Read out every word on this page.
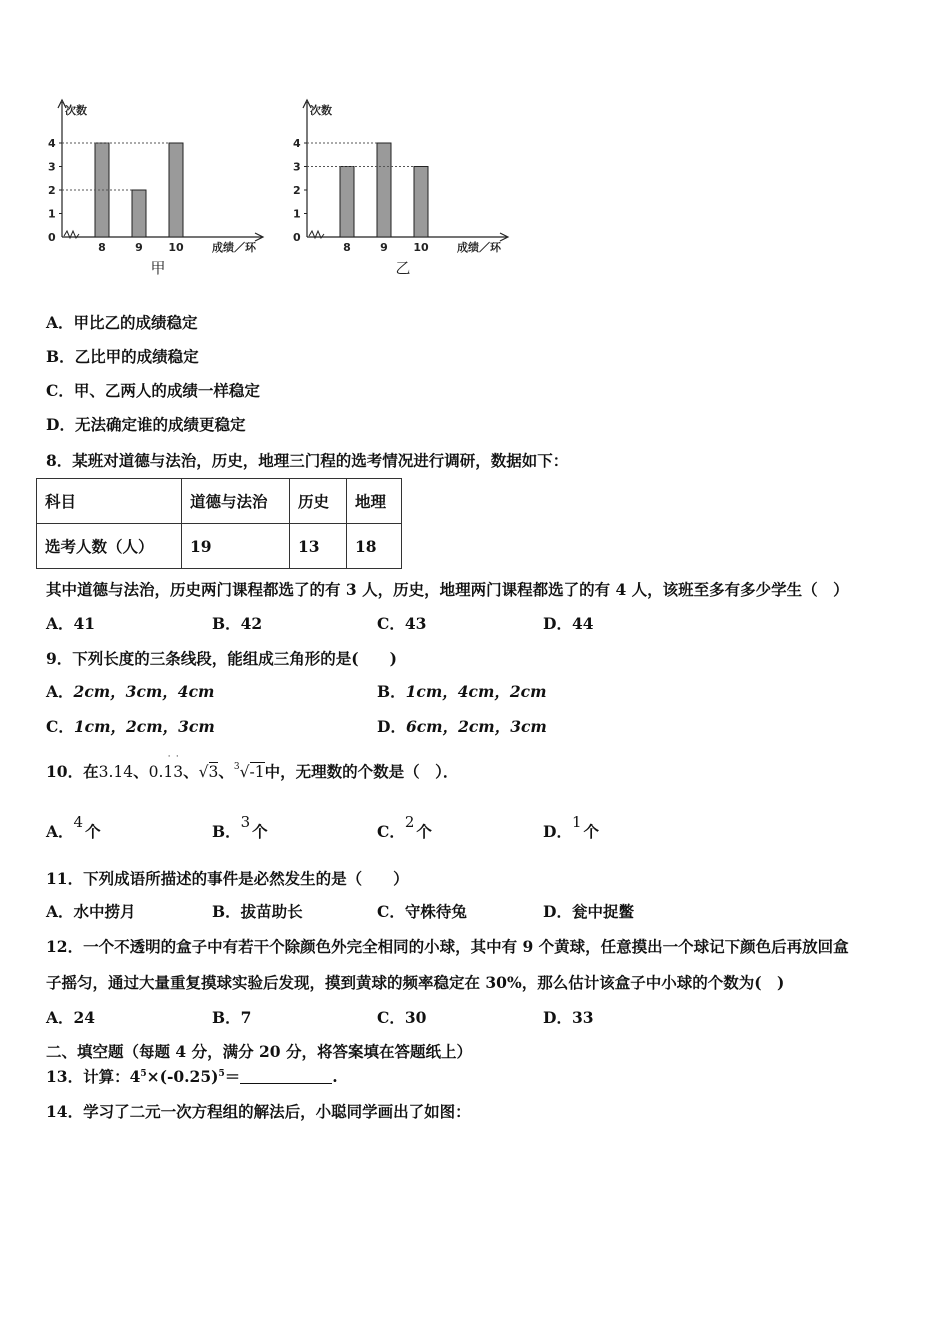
次数
0
1
2
3
4
8	9 10	成绩／环
甲
次数
0
1
2
3
4
8	9 10	成绩／环
乙
A．甲比乙的成绩稳定
B．乙比甲的成绩稳定
C．甲、乙两人的成绩一样稳定
D．无法确定谁的成绩更稳定
8．某班对道德与法治，历史，地理三门程的选考情况进行调研，数据如下：
科目	道德与法治	历史	地理
选考人数（人）	19	13	18
其中道德与法治，历史两门课程都选了的有 3 人，历史，地理两门课程都选了的有 4 人，该班至多有多少学生（　）
A．41	B．42	C．43	D．44
9．下列长度的三条线段，能组成三角形的是(　　)
A．2cm，3cm，4cm	B．1cm，4cm，2cm
C．1cm，2cm，3cm	D．6cm，2cm，3cm
10．在3.14、0.13
˙ ˙
、√3、$^3$√-1中，无理数的个数是（　）．
A．4 个	B．3 个	C．2 个	D．1 个
11．下列成语所描述的事件是必然发生的是（　　）
A．水中捞月	B．拔苗助长	C．守株待兔	D．瓮中捉鳖
12．一个不透明的盒子中有若干个除颜色外完全相同的小球，其中有 9 个黄球，任意摸出一个球记下颜色后再放回盒
子摇匀，通过大量重复摸球实验后发现，摸到黄球的频率稳定在 30%，那么估计该盒子中小球的个数为(　)
A．24	B．7	C．30	D．33
二、填空题（每题 4 分，满分 20 分，将答案填在答题纸上）
13．计算：$4^5\times(-0.25)^5=$	.
14．学习了二元一次方程组的解法后，小聪同学画出了如图：
